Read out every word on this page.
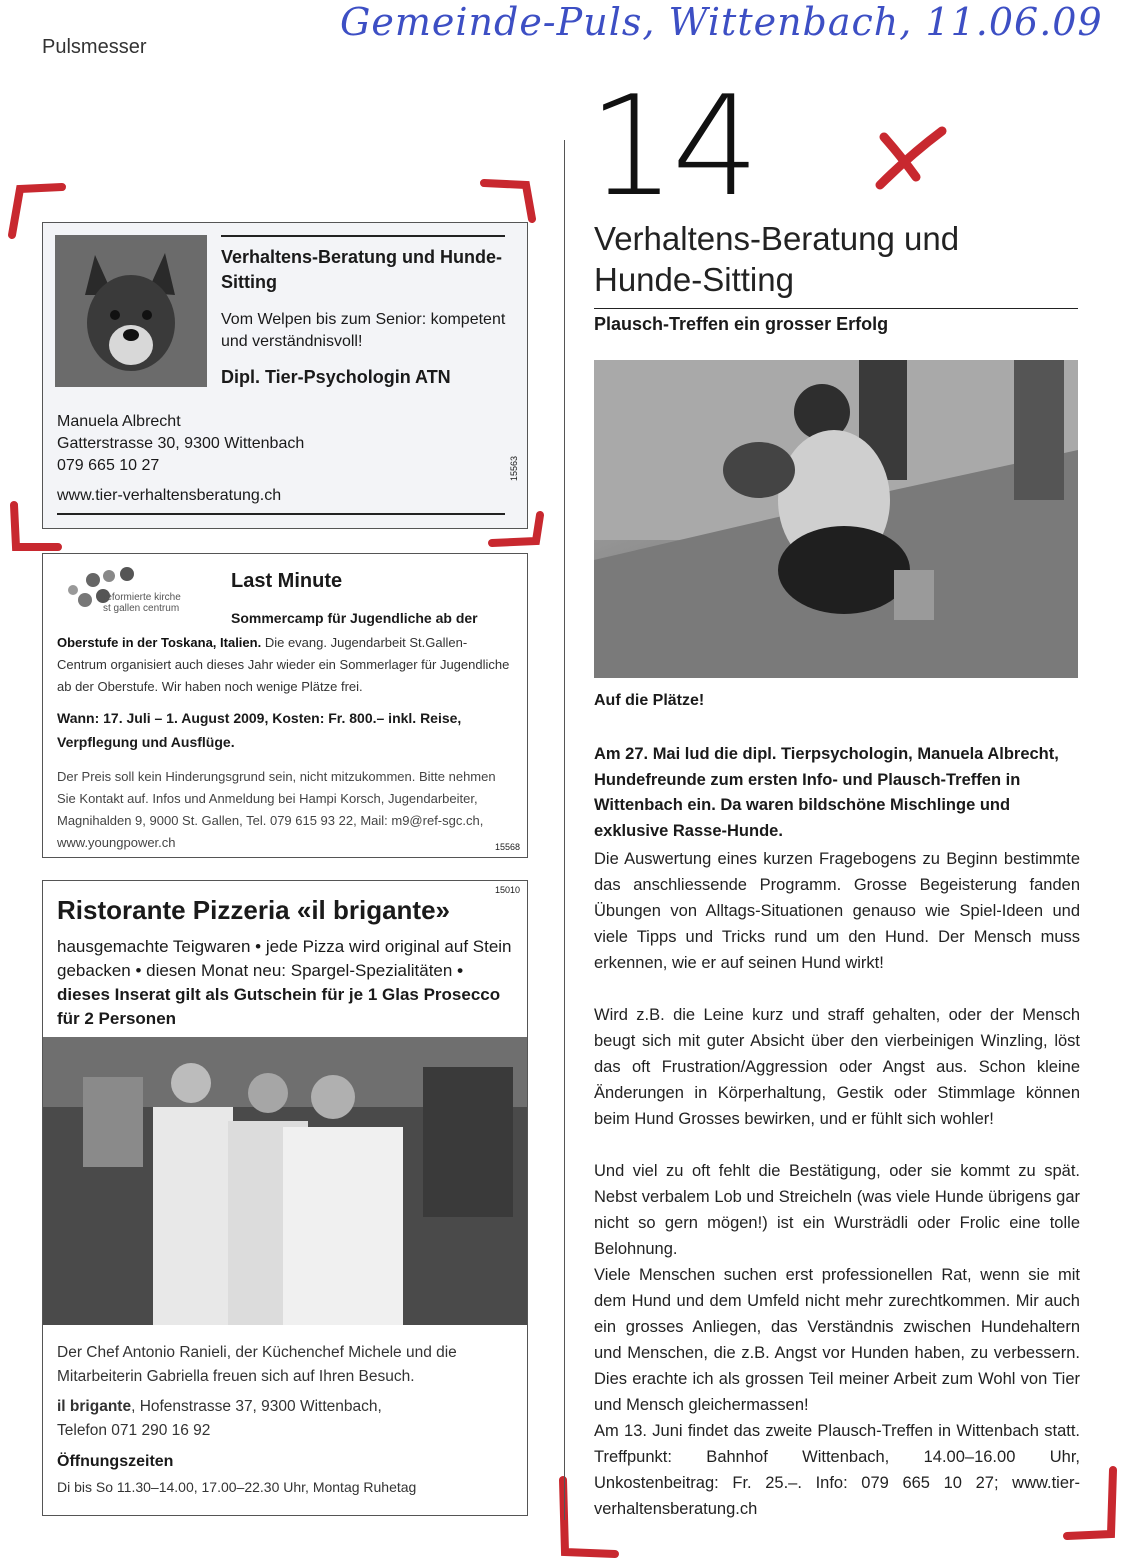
Pulsmesser
Gemeinde-Puls, Wittenbach, 11.06.09
14
Verhaltens-Beratung und
Hunde-Sitting
Plausch-Treffen ein grosser Erfolg
Auf die Plätze!
Am 27. Mai lud die dipl. Tierpsychologin, Manuela Albrecht, Hundefreunde zum ersten Info- und Plausch-Treffen in Wittenbach ein. Da waren bildschöne Mischlinge und exklusive Rasse-Hunde.
Die Auswertung eines kurzen Fragebogens zu Beginn bestimmte das anschliessende Programm. Grosse Begeisterung fanden Übungen von Alltags-Situationen genauso wie Spiel-Ideen und viele Tipps und Tricks rund um den Hund. Der Mensch muss erkennen, wie er auf seinen Hund wirkt!
Wird z.B. die Leine kurz und straff gehalten, oder der Mensch beugt sich mit guter Absicht über den vierbeinigen Winzling, löst das oft Frustration/Aggression oder Angst aus. Schon kleine Änderungen in Körperhaltung, Gestik oder Stimmlage können beim Hund Grosses bewirken, und er fühlt sich wohler!
Und viel zu oft fehlt die Bestätigung, oder sie kommt zu spät. Nebst verbalem Lob und Streicheln (was viele Hunde übrigens gar nicht so gern mögen!) ist ein Wursträdli oder Frolic eine tolle Belohnung.
Viele Menschen suchen erst professionellen Rat, wenn sie mit dem Hund und dem Umfeld nicht mehr zurechtkommen. Mir auch ein grosses Anliegen, das Verständnis zwischen Hundehaltern und Menschen, die z.B. Angst vor Hunden haben, zu verbessern. Dies erachte ich als grossen Teil meiner Arbeit zum Wohl von Tier und Mensch gleichermassen!
Am 13. Juni findet das zweite Plausch-Treffen in Wittenbach statt. Treffpunkt: Bahnhof Wittenbach, 14.00–16.00 Uhr, Unkostenbeitrag: Fr. 25.–. Info: 079 665 10 27; www.tier-verhaltensberatung.ch
Verhaltens-Beratung und Hunde-Sitting
Vom Welpen bis zum Senior: kompetent und verständnisvoll!
Dipl. Tier-Psychologin ATN
Manuela Albrecht
Gatterstrasse 30, 9300 Wittenbach
079 665 10 27
www.tier-verhaltensberatung.ch
15563
reformierte kirche
st gallen centrum
Last Minute
Sommercamp für Jugendliche ab der
Oberstufe in der Toskana, Italien. Die evang. Jugendarbeit St.Gallen-Centrum organisiert auch dieses Jahr wieder ein Sommerlager für Jugendliche ab der Oberstufe. Wir haben noch wenige Plätze frei.
Wann: 17. Juli – 1. August 2009, Kosten: Fr. 800.– inkl. Reise, Verpflegung und Ausflüge.
Der Preis soll kein Hinderungsgrund sein, nicht mitzukommen. Bitte nehmen Sie Kontakt auf. Infos und Anmeldung bei Hampi Korsch, Jugendarbeiter, Magnihalden 9, 9000 St. Gallen, Tel. 079 615 93 22, Mail: m9@ref-sgc.ch, www.youngpower.ch	15568
15010
Ristorante Pizzeria «il brigante»
hausgemachte Teigwaren • jede Pizza wird original auf Stein gebacken • diesen Monat neu: Spargel-Spezialitäten • dieses Inserat gilt als Gutschein für je 1 Glas Prosecco für 2 Personen
Der Chef Antonio Ranieli, der Küchenchef Michele und die Mitarbeiterin Gabriella freuen sich auf Ihren Besuch.
il brigante, Hofenstrasse 37, 9300 Wittenbach,
Telefon 071 290 16 92
Öffnungszeiten
Di bis So 11.30–14.00, 17.00–22.30 Uhr, Montag Ruhetag
